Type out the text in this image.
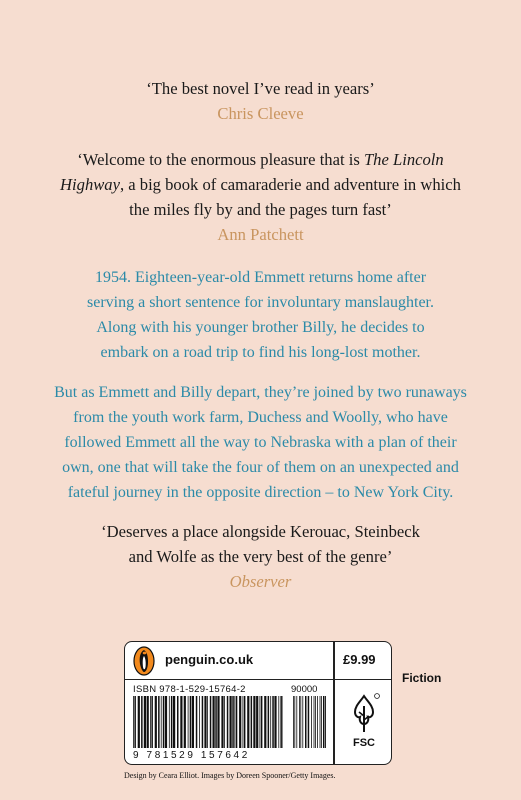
‘The best novel I’ve read in years’
Chris Cleeve
‘Welcome to the enormous pleasure that is The Lincoln
Highway, a big book of camaraderie and adventure in which
the miles fly by and the pages turn fast’
Ann Patchett
1954. Eighteen-year-old Emmett returns home after
serving a short sentence for involuntary manslaughter.
Along with his younger brother Billy, he decides to
embark on a road trip to find his long-lost mother.
But as Emmett and Billy depart, they’re joined by two runaways
from the youth work farm, Duchess and Woolly, who have
followed Emmett all the way to Nebraska with a plan of their
own, one that will take the four of them on an unexpected and
fateful journey in the opposite direction – to New York City.
‘Deserves a place alongside Kerouac, Steinbeck
and Wolfe as the very best of the genre’
Observer
penguin.co.uk	£9.99
ISBN 978-1-529-15764-2	90000
9 781529 157642
FSC
Fiction
Design by Ceara Elliot. Images by Doreen Spooner/Getty Images.
